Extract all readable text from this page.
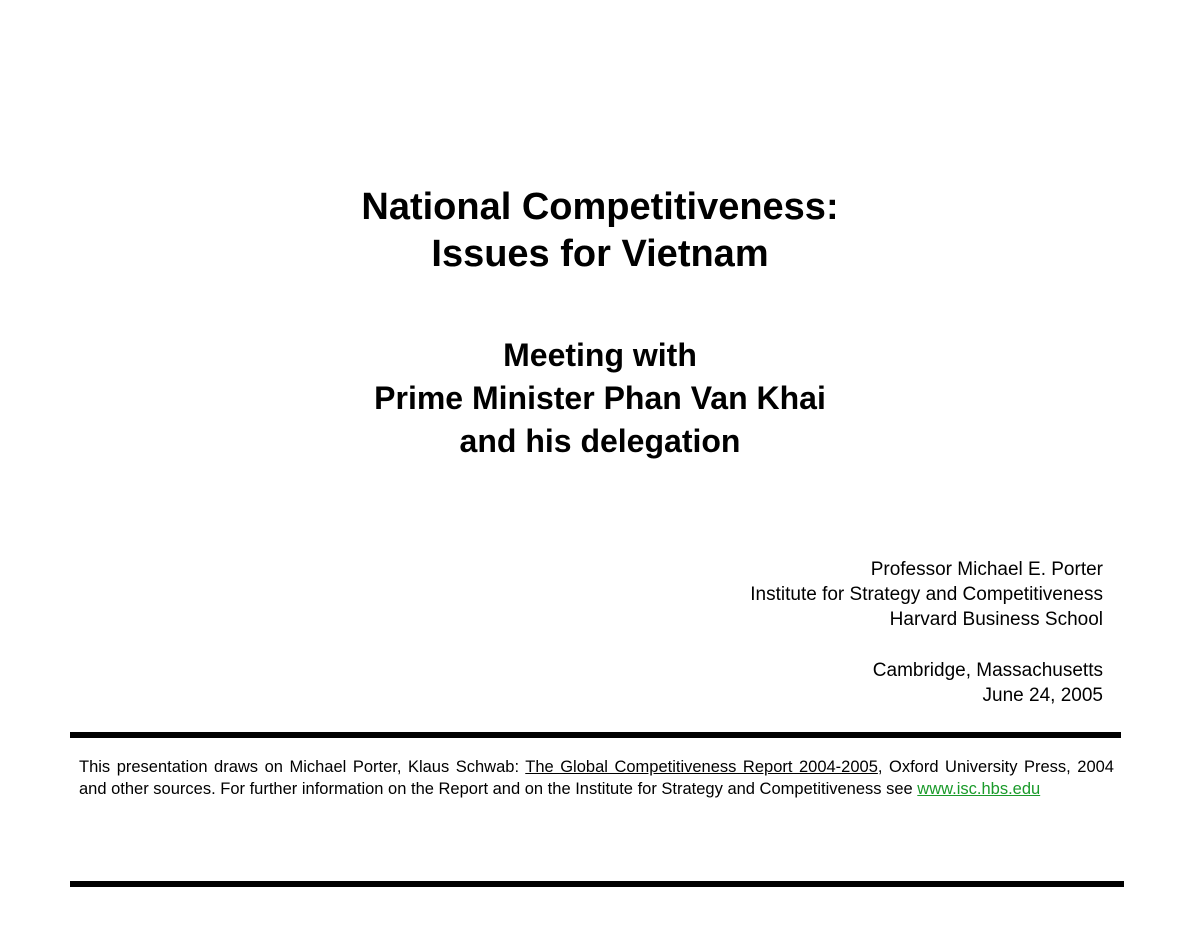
National Competitiveness:

Issues for Vietnam

Meeting with

Prime Minister Phan Van Khai

and his delegation

Professor Michael E. Porter
Institute for Strategy and Competitiveness
Harvard Business School
Cambridge, Massachusetts
June 24, 2005
This presentation draws on Michael Porter, Klaus Schwab: The Global Competitiveness Report 2004-2005, Oxford University Press, 2004 and other sources. For further information on the Report and on the Institute for Strategy and Competitiveness see www.isc.hbs.edu
